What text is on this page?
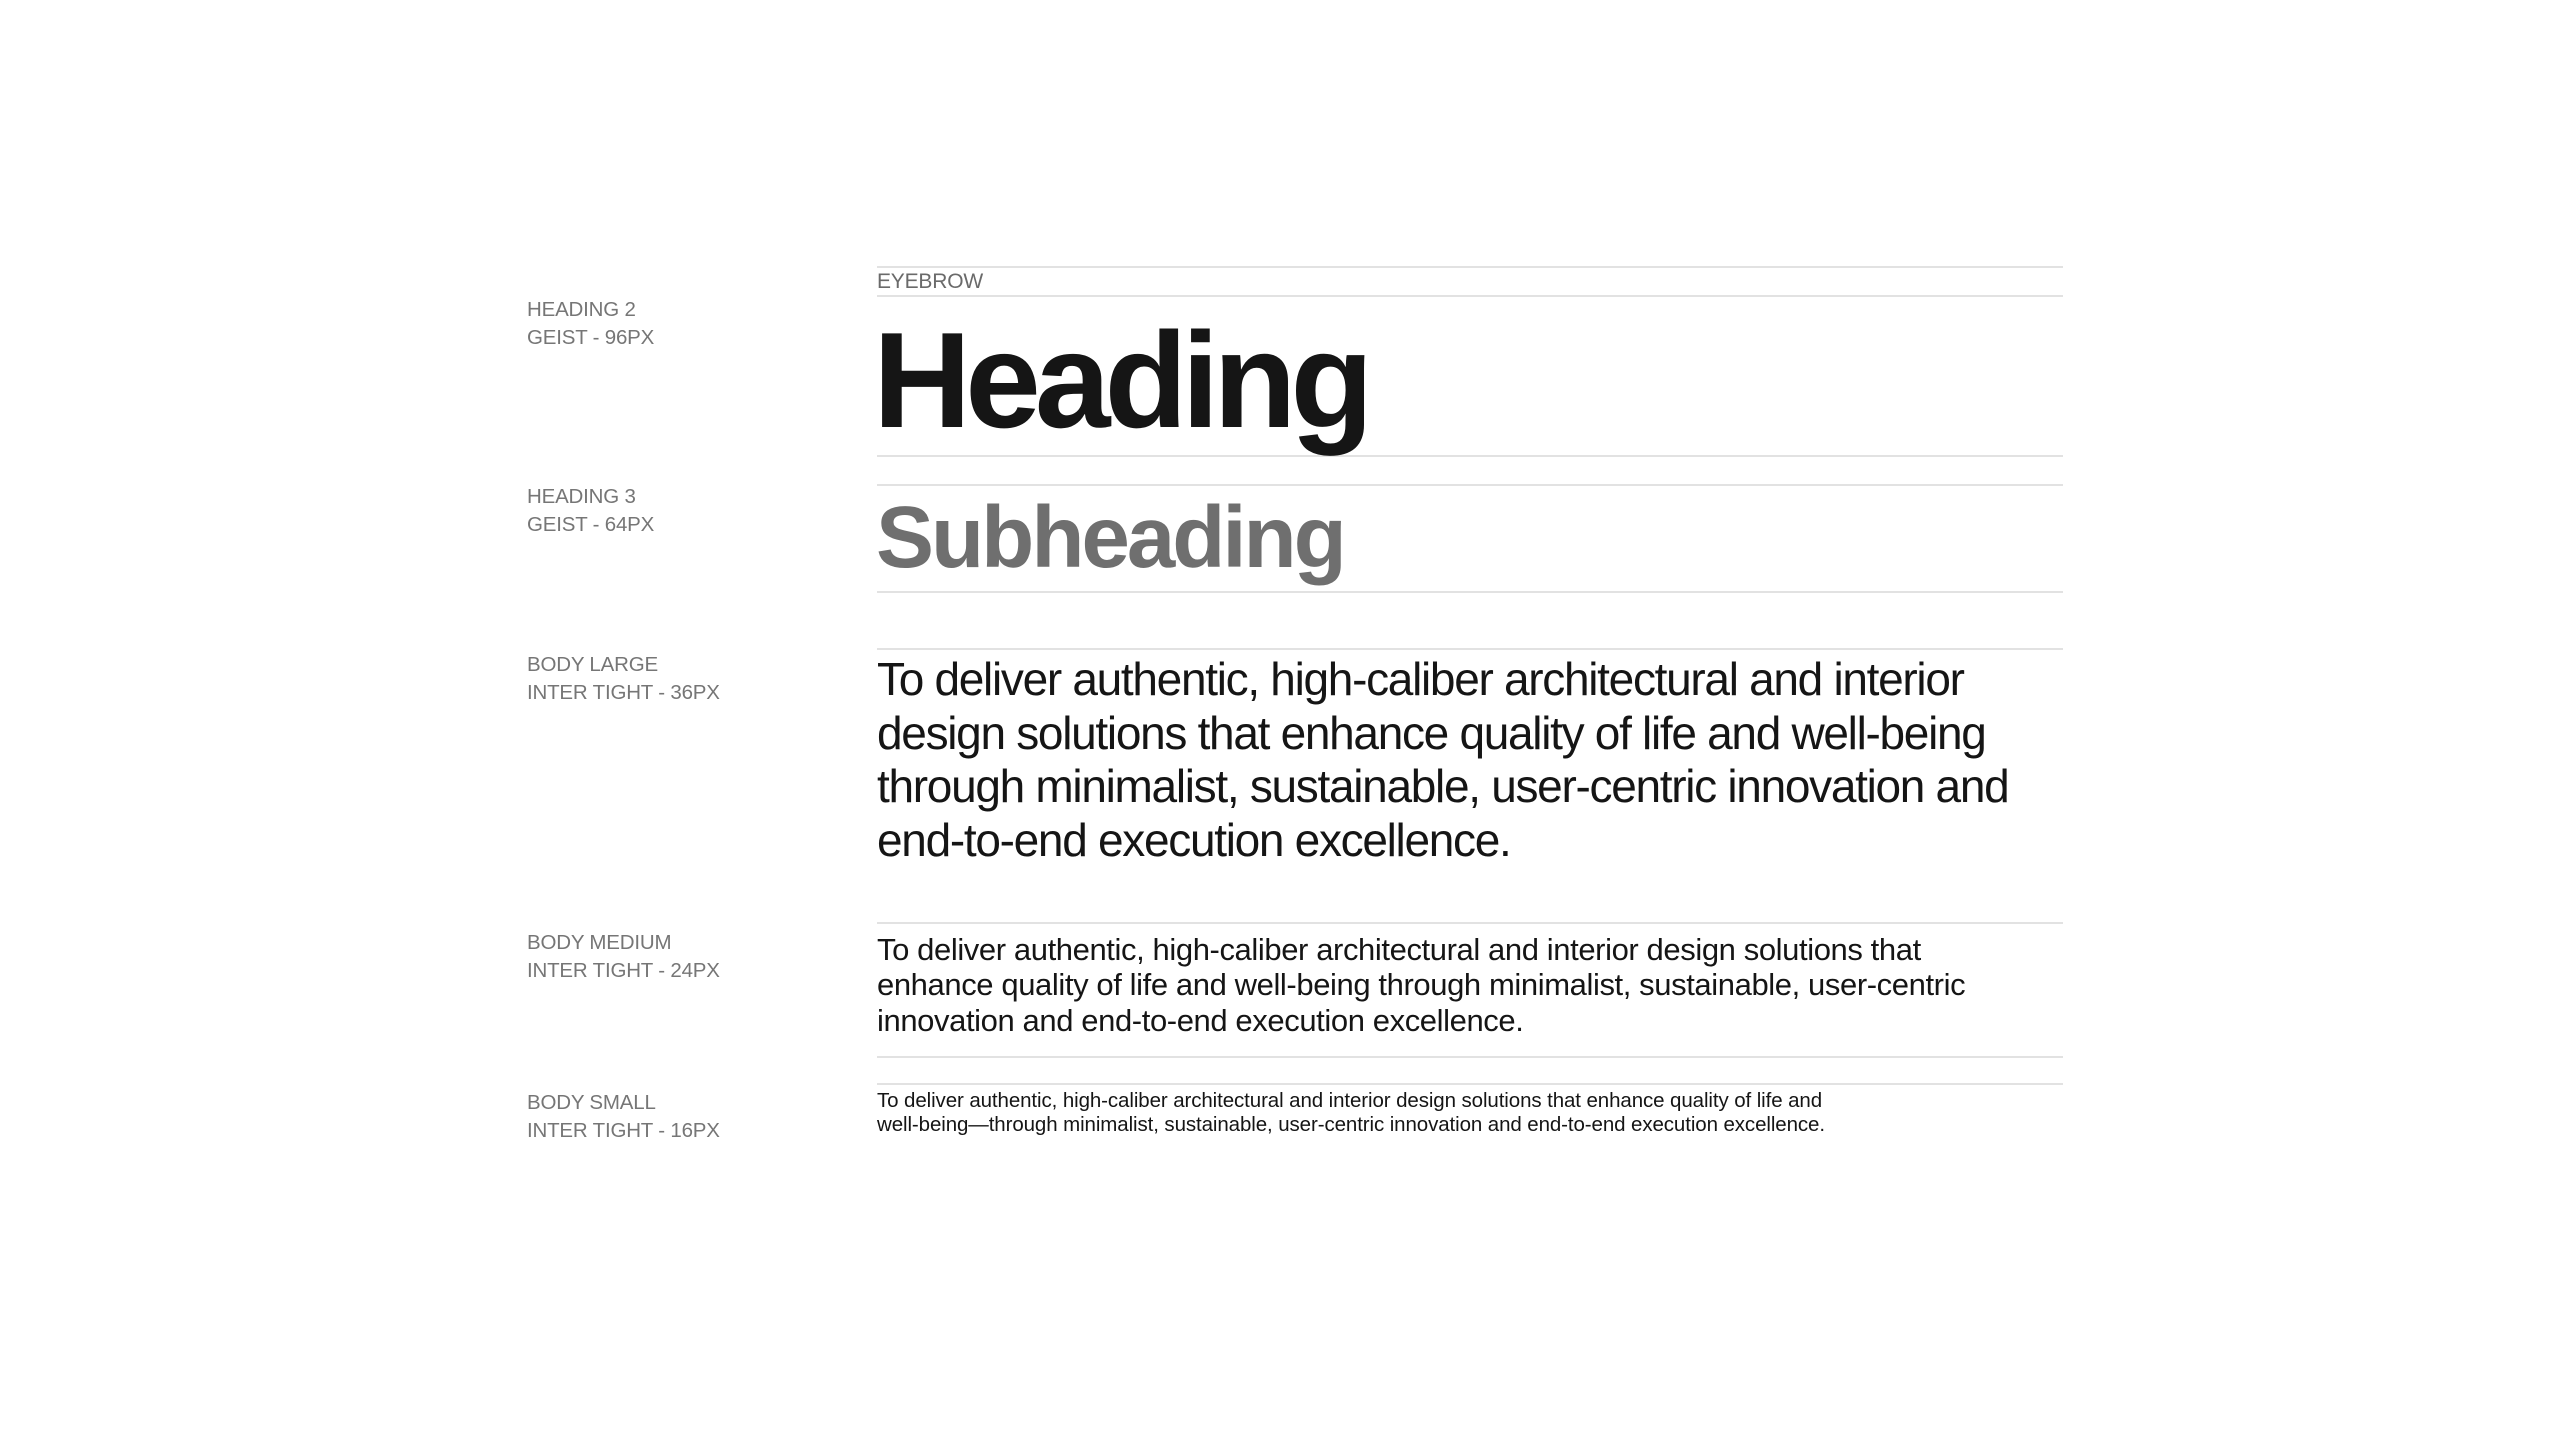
HEADING 2
GEIST - 96PX

HEADING 3
GEIST - 64PX

BODY LARGE
INTER TIGHT - 36PX

BODY MEDIUM
INTER TIGHT - 24PX

BODY SMALL
INTER TIGHT - 16PX

EYEBROW

Heading
Subheading

To deliver authentic, high-caliber architectural and interior
design solutions that enhance quality of life and well-being
through minimalist, sustainable, user-centric innovation and
end-to-end execution excellence.

To deliver authentic, high-caliber architectural and interior design solutions that
enhance quality of life and well-being through minimalist, sustainable, user-centric
innovation and end-to-end execution excellence.

To deliver authentic, high-caliber architectural and interior design solutions that enhance quality of life and
well-being—through minimalist, sustainable, user-centric innovation and end-to-end execution excellence.
